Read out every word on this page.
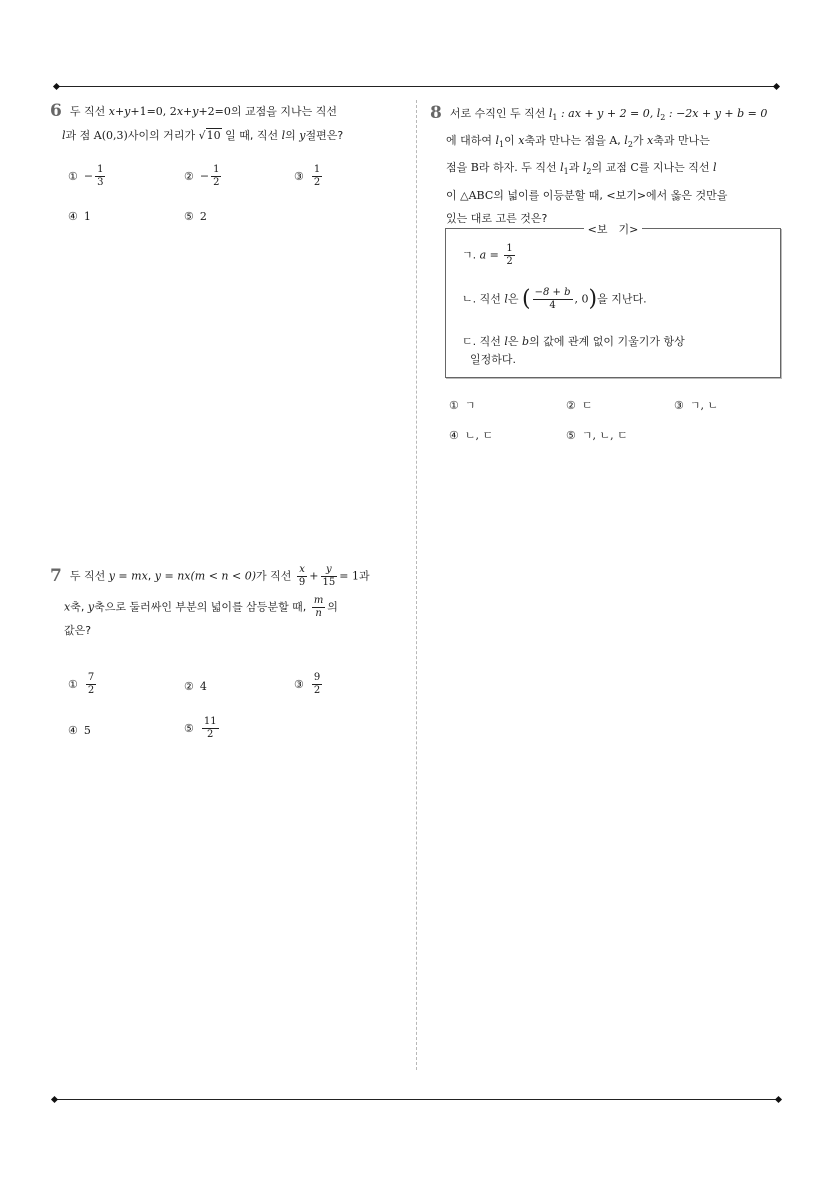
6 두 직선 x+y+1=0, 2x+y+2=0의 교점을 지나는 직선
l과 점 A(0,3)사이의 거리가 √10 일 때, 직선 l의 y절편은?
① − $\frac{1}{3}$	② − $\frac{1}{2}$	③ $\frac{1}{2}$
④ 1	⑤ 2
7 두 직선 y = mx, y = nx(m < n < 0)가 직선 $\frac{x}{9} + \frac{y}{15} = 1$과
x축, y축으로 둘러싸인 부분의 넓이를 삼등분할 때, $\frac{m}{n}$ 의
값은?
① $\frac{7}{2}$	② 4	③ $\frac{9}{2}$
④ 5	⑤ $\frac{11}{2}$
8 서로 수직인 두 직선 $l_1$ : ax + y + 2 = 0, $l_2$ : −2x + y + b = 0
에 대하여 $l_1$이 x축과 만나는 점을 A, $l_2$가 x축과 만나는
점을 B라 하자. 두 직선 $l_1$과 $l_2$의 교점 C를 지나는 직선 l
이 △ABC의 넓이를 이등분할 때, <보기>에서 옳은 것만을
있는 대로 고른 것은?
<보　기>
ㄱ. $a = \frac{1}{2}$
ㄴ. 직선 l은 ( $\frac{-8 + b}{4}$ , 0)을 지난다.
ㄷ. 직선 l은 b의 값에 관계 없이 기울기가 항상
일정하다.
① ㄱ	② ㄷ	③ ㄱ, ㄴ
④ ㄴ, ㄷ	⑤ ㄱ, ㄴ, ㄷ
